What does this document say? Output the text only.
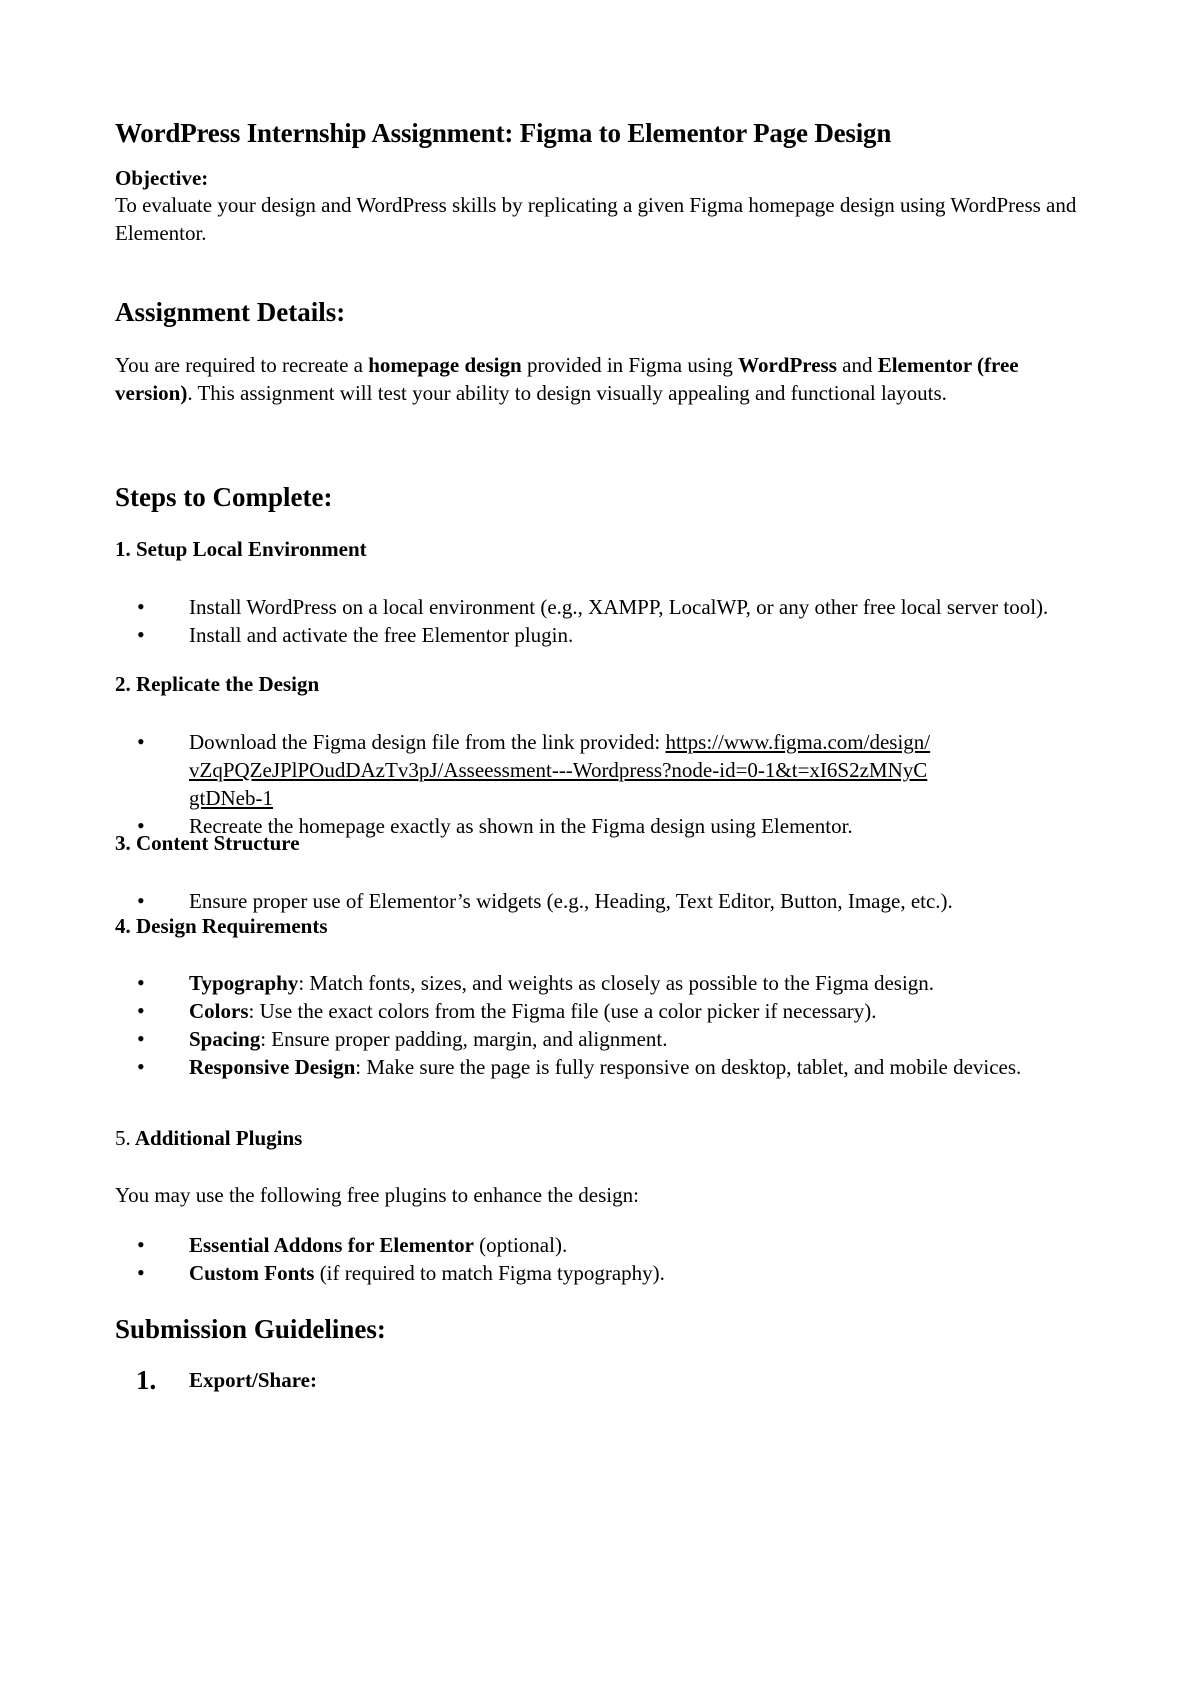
WordPress Internship Assignment: Figma to Elementor Page Design
Objective:

To evaluate your design and WordPress skills by replicating a given Figma homepage design using WordPress and Elementor.

Assignment Details:

You are required to recreate a homepage design provided in Figma using WordPress and Elementor (free version). This assignment will test your ability to design visually appealing and functional layouts.

Steps to Complete:
1. Setup Local Environment
• Install WordPress on a local environment (e.g., XAMPP, LocalWP, or any other free local server tool).
• Install and activate the free Elementor plugin.
2. Replicate the Design
• Download the Figma design file from the link provided: https://www.figma.com/design/vZqPQZeJPlPOudDAzTv3pJ/Asseessment---Wordpress?node-id=0-1&t=xI6S2zMNyCgtDNeb-1
• Recreate the homepage exactly as shown in the Figma design using Elementor.
3. Content Structure
• Ensure proper use of Elementor’s widgets (e.g., Heading, Text Editor, Button, Image, etc.).
4. Design Requirements
• Typography: Match fonts, sizes, and weights as closely as possible to the Figma design.
• Colors: Use the exact colors from the Figma file (use a color picker if necessary).
• Spacing: Ensure proper padding, margin, and alignment.
• Responsive Design: Make sure the page is fully responsive on desktop, tablet, and mobile devices.
5. Additional Plugins

You may use the following free plugins to enhance the design:

• Essential Addons for Elementor (optional).
• Custom Fonts (if required to match Figma typography).
Submission Guidelines:
1. Export/Share:
